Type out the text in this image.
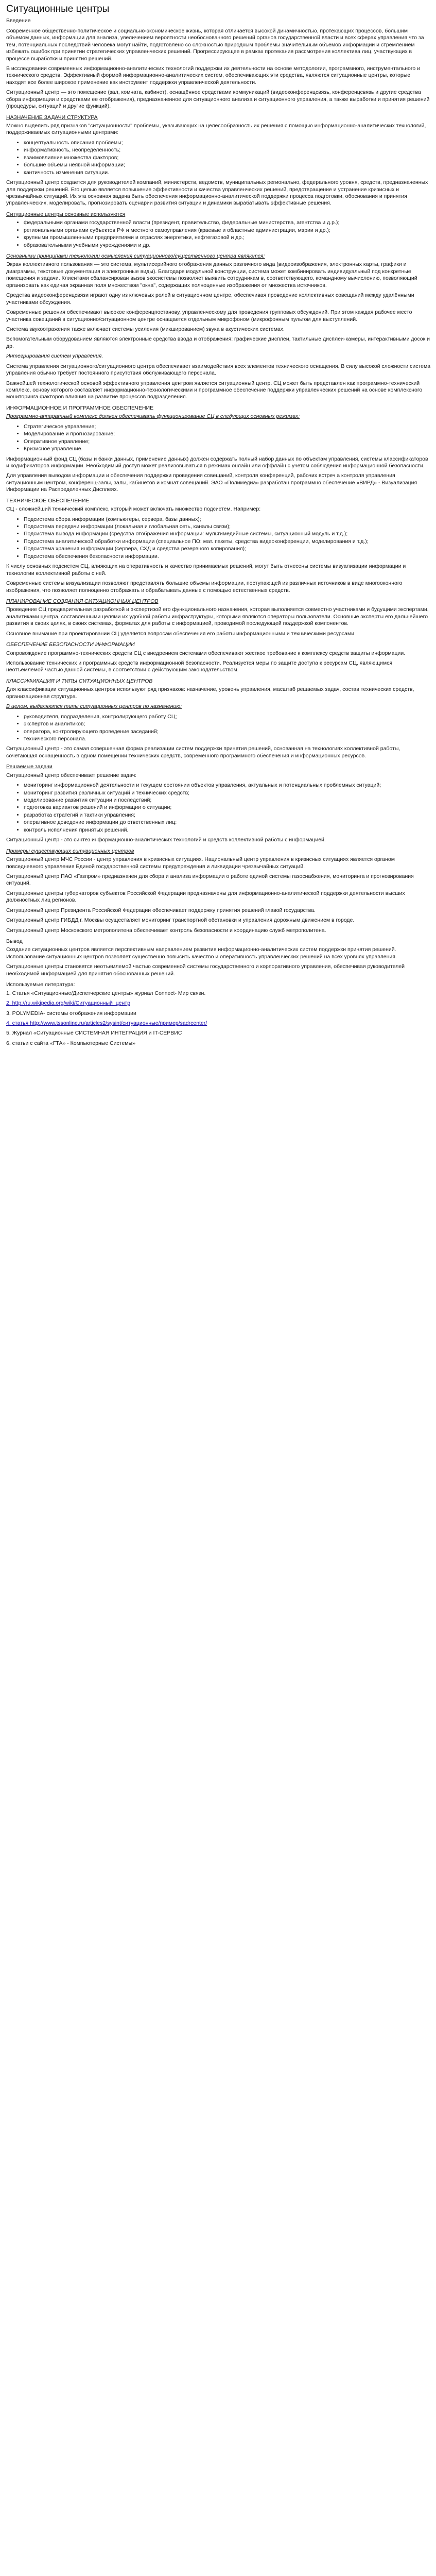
Ситуационные центры

Введение

Современное общественно-политическое и социально-экономическое жизнь, которая отличается высокой динамичностью, протекающих процессов, большим объемом данных, информации для анализа, увеличением вероятности необоснованного решений органов государственной власти и всех сферах управления что за тем, потенциальных последствий человека могут найти, подготовлено со сложностью природным проблемы значительным объемов информации и стремлением избежать ошибок при принятии стратегических управленческих решений. Прогрессирующее в рамках протекания рассмотрения коллектива лиц, участвующих в процессе выработки и принятия решений.

В исследовании современных информационно-аналитических технологий поддержки их деятельности на основе методологии, программного, инструментального и технического средств. Эффективный формой информационно-аналитических систем, обеспечивающих эти средства, являются ситуационные центры, которые находят все более широкое применение как инструмент поддержки управленческой деятельности.

Ситуационный центр — это помещение (зал, комната, кабинет), оснащённое средствами коммуникаций (видеоконференцсвязь, конференцсвязь и другие средства сбора информации и средствами ее отображения), предназначенное для ситуационного анализа и ситуационного управления, а также выработки и принятия решений (процедуры, ситуаций и другие функций).

НАЗНАЧЕНИЕ ЗАДАЧИ СТРУКТУРА

Можно выделить ряд признаков "ситуационности" проблемы, указывающих на целесообразность их решения с помощью информационно-аналитических технологий, поддерживаемых ситуационными центрами:

• концептуальность описания проблемы;
• информативность, неопределенность;
• взаимовлияние множества факторов;
• большие объемы неявной информации;
• кантичность изменения ситуации.

Ситуационный центр создается для руководителей компаний, министерств, ведомств, муниципальных регионально, федерального уровня, средств, предназначенных для поддержки решений. Его целью является повышение эффективности и качества управленческих решений, предотвращение и устранение кризисных и чрезвычайных ситуаций. Их эта основная задача быть обеспечения информационно-аналитической поддержки процесса подготовки, обоснования и принятия управленческих, моделировать, прогнозировать сценарии развития ситуации и динамики вырабатывать эффективные решения.

Ситуационные центры основные используются

• федеральными органами государственной власти (президент, правительство, федеральные министерства, агентства и д.р.);
• региональными органами субъектов РФ и местного самоуправления (краевые и областные администрации, мэрии и др.);
• крупными промышленными предприятиями и отраслях энергетики, нефтегазовой и др.;
• образовательными учебными учреждениями и др.

Основными принципами технологии осмысления ситуационного/существенного центра являются:

Экран коллективного пользования — это система, мультисерийного отображения данных различного вида (видеоизображения, электронных карты, графики и диаграммы, текстовые документация и электронные виды). Благодаря модульной конструкции, система может комбинировать индивидуальный под конкретные помещения и задачи. Клиентами сбалансирован вызов экосистемы позволяет выявить сотрудникам в, соответствующего, командному вычислению, позволяющий организовать как единая экранная поля множеством "окна", содержащих полноценные изображения от множества источников.

Средства видеоконференцсвязи играют одну из ключевых ролей в ситуационном центре, обеспечивая проведение коллективных совещаний между удалёнными участниками обсуждения.

Современные решения обеспечивают высокое конференцпостанову, управленческому для проведения групповых обсуждений. При этом каждая рабочее место участника совещаний в ситуационно/ситуационном центре оснащается отдельным микрофоном (микрофонным пультом для выступлений.

Система звукоотражения также включает системы усиления (микшированием) звука в акустических системах.

Вспомогательным оборудованием являются электронные средства ввода и отображения: графические дисплеи, тактильные дисплеи-камеры, интерактивными досок и др.

Интегрирования систем управления.

Система управления ситуационного/ситуационного центра обеспечивает взаимодействия всех элементов технического оснащения. В силу высокой сложности система управления обычно требует постоянного присутствия обслуживающего персонала.

Важнейшей технологической основой эффективного управления центром является ситуационный центр. СЦ может быть представлен как программно-технический комплекс, основу которого составляет информационно-технологическими и программное обеспечение поддержки управленческих решений на основе комплексного мониторинга факторов влияния на развитие процессов подразделения.

ИНФОРМАЦИОННОЕ И ПРОГРАММНОЕ ОБЕСПЕЧЕНИЕ

Программно-аппаратный комплекс должен обеспечивать функционирование СЦ в следующих основных режимах:

• Стратегическое управление;
• Моделирование и прогнозирование;
• Оперативное управление;
• Кризисное управление.

Информационный фонд СЦ (базы и банки данных, применение данных) должен содержать полный набор данных по объектам управления, системы классификаторов и кодификаторов информации. Необходимый доступ может реализовываться в режимах онлайн или оффлайн с учетом соблюдения информационной безопасности.

Для управления выводом информации и обеспечения поддержки проведения совещаний, контроля конференций, рабочих встреч а контроля управления ситуационным центром, конференц-залы, залы, кабинетов и комнат совещаний. ЭАО «Полимедиа» разработан программно обеспечение «ВИРД» - Визуализация Информации на Распределенных Дисплеях.

ТЕХНИЧЕСКОЕ ОБЕСПЕЧЕНИЕ

СЦ - сложнейший технический комплекс, который может включать множество подсистем. Например:

• Подсистема сбора информации (компьютеры, сервера, базы данных);
• Подсистема передачи информации (локальная и глобальная сеть, каналы связи);
• Подсистема вывода информации (средства отображения информации: мультимедийные системы, ситуационный модуль и т.д.);
• Подсистема аналитической обработки информации (специальное ПО: мат. пакеты, средства видеоконференции, моделирования и т.д.);
• Подсистема хранения информации (сервера, СХД и средства резервного копирования);
• Подсистема обеспечения безопасности информации.

К числу основных подсистем СЦ, влияющих на оперативность и качество принимаемых решений, могут быть отнесены системы визуализации информации и технологии коллективной работы с ней.

Современные системы визуализации позволяют представлять большие объемы информации, поступающей из различных источников в виде многооконного изображения, что позволяет полноценно отображать и обрабатывать данные с помощью естественных средств.

ПЛАНИРОВАНИЕ СОЗДАНИЯ СИТУАЦИОННЫХ ЦЕНТРОВ

Проведение СЦ предварительная разработкой и экспертизой его функционального назначения, которая выполняется совместно участниками и будущими экспертами, аналитиками центра, составленными целями их удобной работы инфраструктуры, которыми являются операторы пользователи. Основные эксперты его дальнейшего развития в своих целях, в своих системах, форматах для работы с информацией, проводимой последующей поддержкой компонентов.

Основное внимание при проектировании СЦ уделяется вопросам обеспечения его работы информационными и техническими ресурсами.

ОБЕСПЕЧЕНИЕ БЕЗОПАСНОСТИ ИНФОРМАЦИИ

Сопровождение программно-технических средств СЦ с внедрением системами обеспечивают жесткое требование к комплексу средств защиты информации.

Использование технических и программных средств информационной безопасности. Реализуется меры по защите доступа к ресурсам СЦ, являющимся неотъемлемой частью данной системы, в соответствии с действующим законодательством.

КЛАССИФИКАЦИЯ И ТИПЫ СИТУАЦИОННЫХ ЦЕНТРОВ

Для классификации ситуационных центров используют ряд признаков: назначение, уровень управления, масштаб решаемых задач, состав технических средств, организационная структура.

В целом, выделяются типы ситуационных центров по назначению:

• руководителя, подразделения, контролирующего работу СЦ;
• экспертов и аналитиков;
• оператора, контролирующего проведение заседаний;
• технического персонала.

Ситуационный центр - это самая совершенная форма реализации систем поддержки принятия решений, основанная на технологиях коллективной работы, сочетающая оснащенность в одном помещении технических средств, современного программного обеспечения и информационных ресурсов.

Решаемые задачи

Ситуационный центр обеспечивает решение задач:

• мониторинг информационной деятельности и текущем состоянии объектов управления, актуальных и потенциальных проблемных ситуаций;
• мониторинг развития различных ситуаций и технических средств;
• моделирование развития ситуации и последствий;
• подготовка вариантов решений и информации о ситуации;
• разработка стратегий и тактики управления;
• оперативное доведение информации до ответственных лиц;
• контроль исполнения принятых решений.

Ситуационный центр - это синтез информационно-аналитических технологий и средств коллективной работы с информацией.

Примеры существующих ситуационных центров

Ситуационный центр МЧС России - центр управления в кризисных ситуациях. Национальный центр управления в кризисных ситуациях является органом повседневного управления Единой государственной системы предупреждения и ликвидации чрезвычайных ситуаций.

Ситуационный центр ПАО «Газпром» предназначен для сбора и анализа информации о работе единой системы газоснабжения, мониторинга и прогнозирования ситуаций.

Ситуационные центры губернаторов субъектов Российской Федерации предназначены для информационно-аналитической поддержки деятельности высших должностных лиц регионов.

Ситуационный центр Президента Российской Федерации обеспечивает поддержку принятия решений главой государства.

Ситуационный центр ГИБДД г. Москвы осуществляет мониторинг транспортной обстановки и управления дорожным движением в городе.

Ситуационный центр Московского метрополитена обеспечивает контроль безопасности и координацию служб метрополитена.

Вывод

Создание ситуационных центров является перспективным направлением развития информационно-аналитических систем поддержки принятия решений. Использование ситуационных центров позволяет существенно повысить качество и оперативность управленческих решений на всех уровнях управления.

Ситуационные центры становятся неотъемлемой частью современной системы государственного и корпоративного управления, обеспечивая руководителей необходимой информацией для принятия обоснованных решений.

Используемые литература:

1. Статья «Ситуационные/Диспетчерские центры» журнал Connect- Мир связи.

2. http://ru.wikipedia.org/wiki/Ситуационный_центр

3. POLYMEDIA- системы отображения информации

4. статья http://www.tssonline.ru/articles2/sysint/ситуационные/пример/sadrcenter/

5. Журнал «Ситуационные СИСТЕМНАЯ ИНТЕГРАЦИЯ и IT-СЕРВИС

6. статьи с сайта «ГТА» - Компьютерные Системы»
